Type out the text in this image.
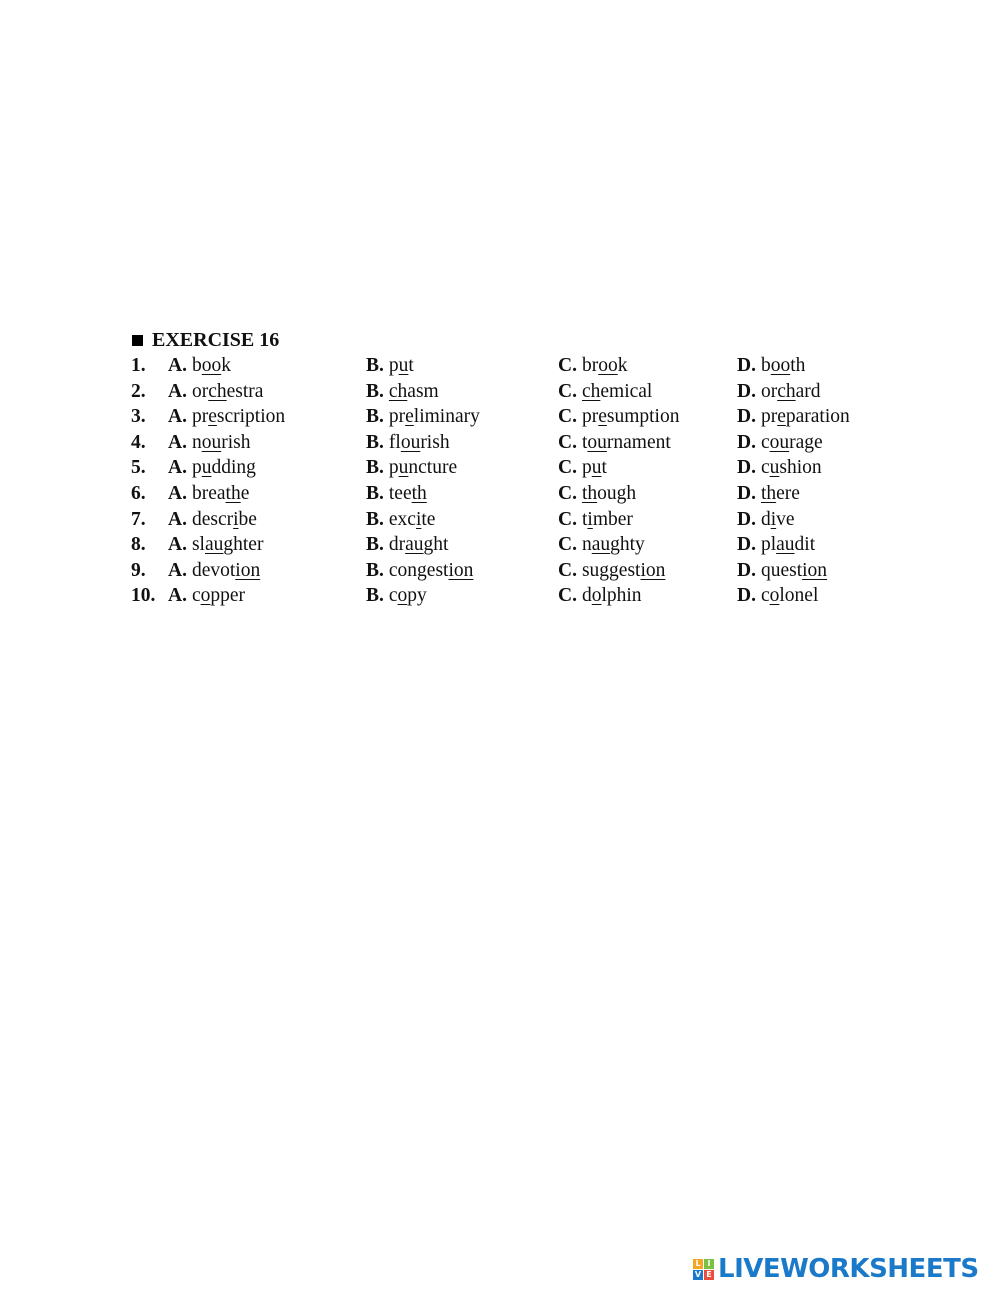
EXERCISE 16
1. A. book	B. put	C. brook	D. booth
2. A. orchestra	B. chasm	C. chemical	D. orchard
3. A. prescription	B. preliminary	C. presumption	D. preparation
4. A. nourish	B. flourish	C. tournament	D. courage
5. A. pudding	B. puncture	C. put	D. cushion
6. A. breathe	B. teeth	C. though	D. there
7. A. describe	B. excite	C. timber	D. dive
8. A. slaughter	B. draught	C. naughty	D. plaudit
9. A. devotion	B. congestion	C. suggestion	D. question
10. A. copper	B. copy	C. dolphin	D. colonel
L I
V E LIVEWORKSHEETS
